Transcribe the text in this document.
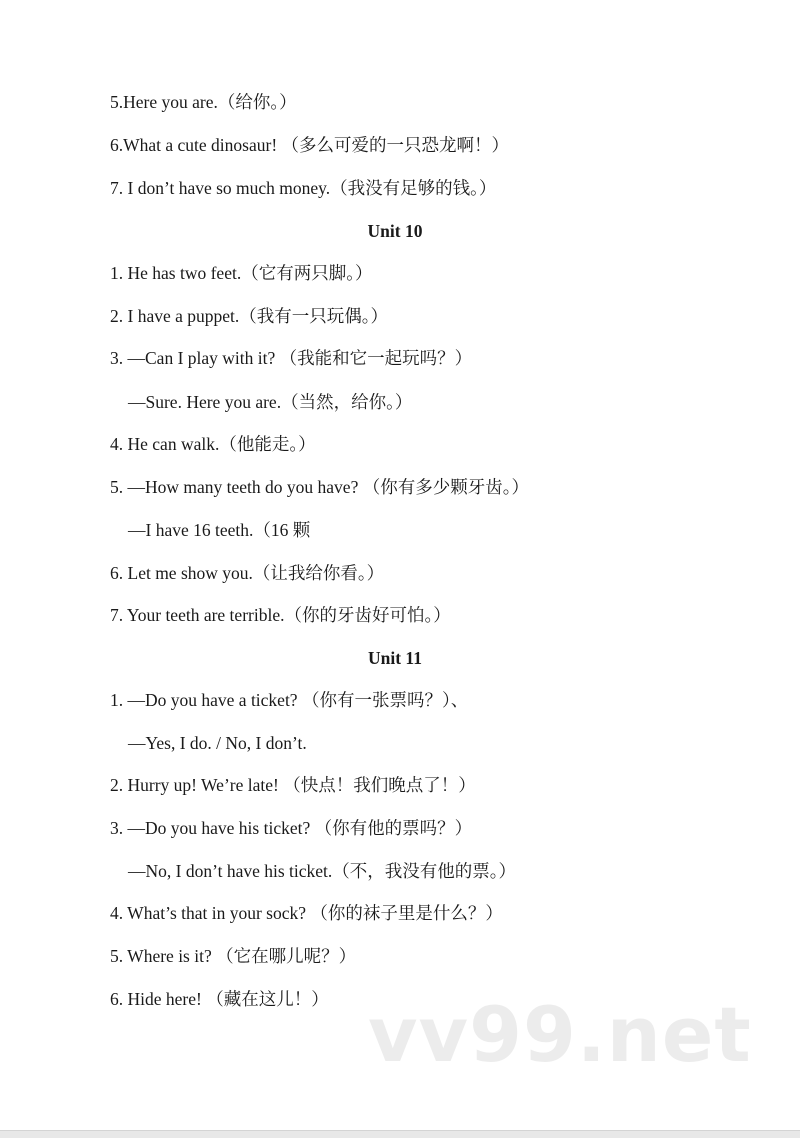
5.Here you are.（给你。）
6.What a cute dinosaur! （多么可爱的一只恐龙啊！）
7. I don’t have so much money.（我没有足够的钱。）
Unit 10
1. He has two feet.（它有两只脚。）
2. I have a puppet.（我有一只玩偶。）
3. —Can I play with it? （我能和它一起玩吗？）
—Sure. Here you are.（当然，给你。）
4. He can walk.（他能走。）
5. —How many teeth do you have? （你有多少颗牙齿。）
—I have 16 teeth.（16 颗
6. Let me show you.（让我给你看。）
7. Your teeth are terrible.（你的牙齿好可怕。）
Unit 11
1. —Do you have a ticket? （你有一张票吗？）、
—Yes, I do. / No, I don’t.
2. Hurry up! We’re late! （快点！我们晚点了！）
3. —Do you have his ticket? （你有他的票吗？）
—No, I don’t have his ticket.（不，我没有他的票。）
4. What’s that in your sock? （你的袜子里是什么？）
5. Where is it? （它在哪儿呢？）
6. Hide here! （藏在这儿！） vv99.net
